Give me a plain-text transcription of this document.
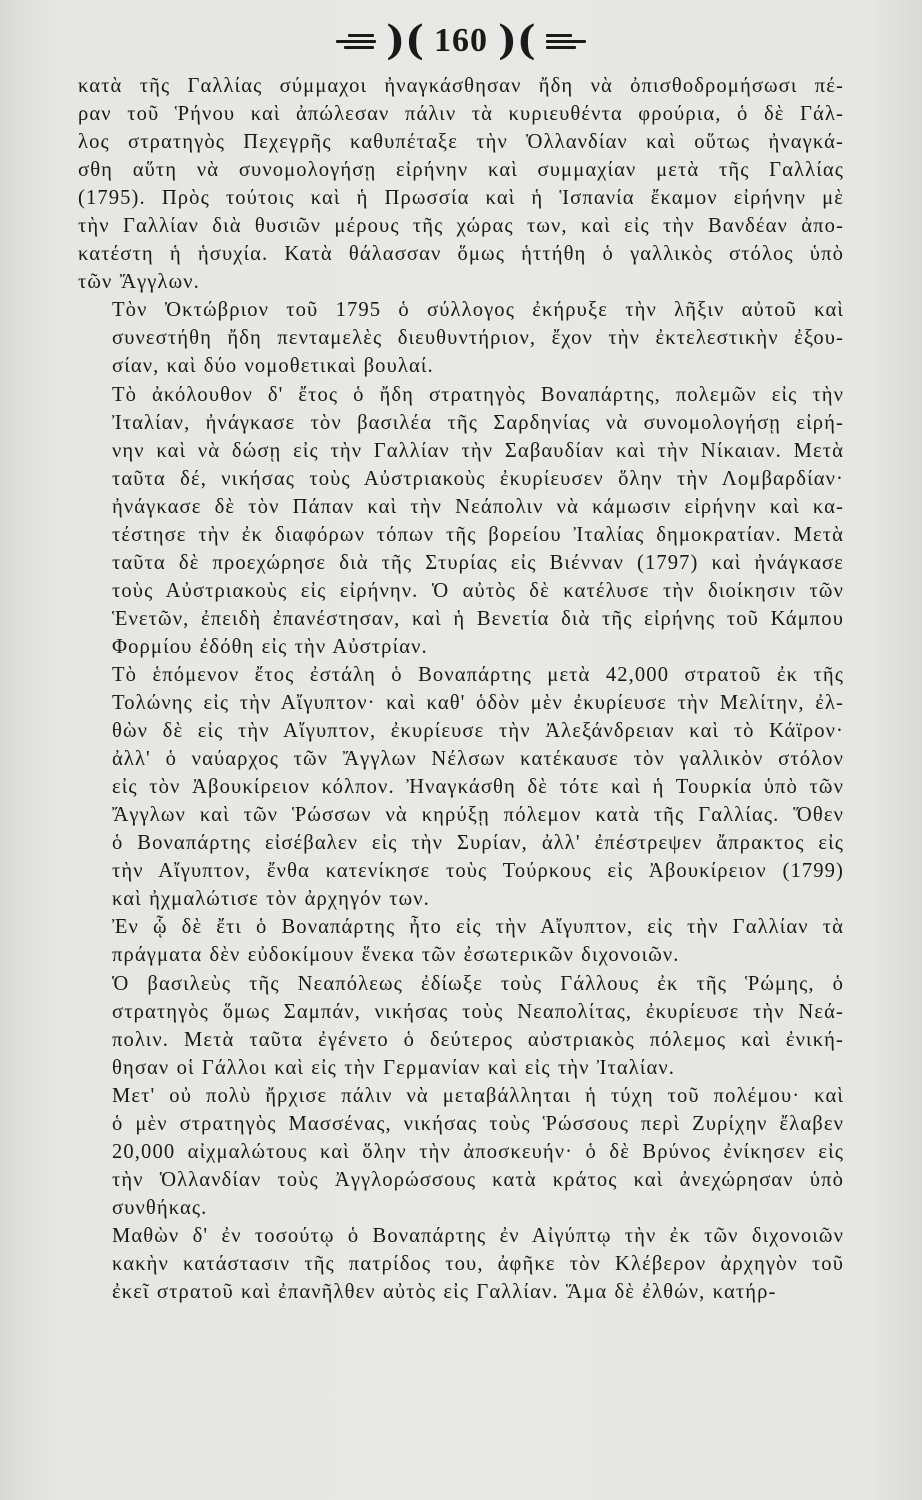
)( 160 )(

κατὰ τῆς Γαλλίας σύμμαχοι ἠναγκάσθησαν ἤδη νὰ ὀπισθοδρομήσωσι πέ-
ραν τοῦ Ῥήνου καὶ ἀπώλεσαν πάλιν τὰ κυριευθέντα φρούρια, ὁ δὲ Γάλ-
λος στρατηγὸς Πεχεγρῆς καθυπέταξε τὴν Ὁλλανδίαν καὶ οὕτως ἠναγκά-
σθη αὕτη νὰ συνομολογήσῃ εἰρήνην καὶ συμμαχίαν μετὰ τῆς Γαλλίας
(1795). Πρὸς τούτοις καὶ ἡ Πρωσσία καὶ ἡ Ἱσπανία ἔκαμον εἰρήνην μὲ
τὴν Γαλλίαν διὰ θυσιῶν μέρους τῆς χώρας των, καὶ εἰς τὴν Βανδέαν ἀπο-
κατέστη ἡ ἡσυχία. Κατὰ θάλασσαν ὅμως ἡττήθη ὁ γαλλικὸς στόλος ὑπὸ
τῶν Ἄγγλων.

Τὸν Ὀκτώβριον τοῦ 1795 ὁ σύλλογος ἐκήρυξε τὴν λῆξιν αὐτοῦ καὶ
συνεστήθη ἤδη πενταμελὲς διευθυντήριον, ἔχον τὴν ἐκτελεστικὴν ἐξου-
σίαν, καὶ δύο νομοθετικαὶ βουλαί.

Τὸ ἀκόλουθον δ' ἔτος ὁ ἤδη στρατηγὸς Βοναπάρτης, πολεμῶν εἰς τὴν
Ἰταλίαν, ἠνάγκασε τὸν βασιλέα τῆς Σαρδηνίας νὰ συνομολογήσῃ εἰρή-
νην καὶ νὰ δώσῃ εἰς τὴν Γαλλίαν τὴν Σαβαυδίαν καὶ τὴν Νίκαιαν. Μετὰ
ταῦτα δέ, νικήσας τοὺς Αὐστριακοὺς ἐκυρίευσεν ὅλην τὴν Λομβαρδίαν·
ἠνάγκασε δὲ τὸν Πάπαν καὶ τὴν Νεάπολιν νὰ κάμωσιν εἰρήνην καὶ κα-
τέστησε τὴν ἐκ διαφόρων τόπων τῆς βορείου Ἰταλίας δημοκρατίαν. Μετὰ
ταῦτα δὲ προεχώρησε διὰ τῆς Στυρίας εἰς Βιένναν (1797) καὶ ἠνάγκασε
τοὺς Αὐστριακοὺς εἰς εἰρήνην. Ὁ αὐτὸς δὲ κατέλυσε τὴν διοίκησιν τῶν
Ἑνετῶν, ἐπειδὴ ἐπανέστησαν, καὶ ἡ Βενετία διὰ τῆς εἰρήνης τοῦ Κάμπου
Φορμίου ἐδόθη εἰς τὴν Αὐστρίαν.

Τὸ ἑπόμενον ἔτος ἐστάλη ὁ Βοναπάρτης μετὰ 42,000 στρατοῦ ἐκ τῆς
Τολώνης εἰς τὴν Αἴγυπτον· καὶ καθ' ὁδὸν μὲν ἐκυρίευσε τὴν Μελίτην, ἐλ-
θὼν δὲ εἰς τὴν Αἴγυπτον, ἐκυρίευσε τὴν Ἀλεξάνδρειαν καὶ τὸ Κάϊρον·
ἀλλ' ὁ ναύαρχος τῶν Ἄγγλων Νέλσων κατέκαυσε τὸν γαλλικὸν στόλον
εἰς τὸν Ἀβουκίρειον κόλπον. Ἠναγκάσθη δὲ τότε καὶ ἡ Τουρκία ὑπὸ τῶν
Ἄγγλων καὶ τῶν Ῥώσσων νὰ κηρύξῃ πόλεμον κατὰ τῆς Γαλλίας. Ὅθεν
ὁ Βοναπάρτης εἰσέβαλεν εἰς τὴν Συρίαν, ἀλλ' ἐπέστρεψεν ἄπρακτος εἰς
τὴν Αἴγυπτον, ἔνθα κατενίκησε τοὺς Τούρκους εἰς Ἀβουκίρειον (1799)
καὶ ἠχμαλώτισε τὸν ἀρχηγόν των.

Ἐν ᾧ δὲ ἔτι ὁ Βοναπάρτης ἦτο εἰς τὴν Αἴγυπτον, εἰς τὴν Γαλλίαν τὰ
πράγματα δὲν εὐδοκίμουν ἕνεκα τῶν ἐσωτερικῶν διχονοιῶν.

Ὁ βασιλεὺς τῆς Νεαπόλεως ἐδίωξε τοὺς Γάλλους ἐκ τῆς Ῥώμης, ὁ
στρατηγὸς ὅμως Σαμπάν, νικήσας τοὺς Νεαπολίτας, ἐκυρίευσε τὴν Νεά-
πολιν. Μετὰ ταῦτα ἐγένετο ὁ δεύτερος αὐστριακὸς πόλεμος καὶ ἐνική-
θησαν οἱ Γάλλοι καὶ εἰς τὴν Γερμανίαν καὶ εἰς τὴν Ἰταλίαν.

Μετ' οὐ πολὺ ἤρχισε πάλιν νὰ μεταβάλληται ἡ τύχη τοῦ πολέμου· καὶ
ὁ μὲν στρατηγὸς Μασσένας, νικήσας τοὺς Ῥώσσους περὶ Ζυρίχην ἔλαβεν
20,000 αἰχμαλώτους καὶ ὅλην τὴν ἀποσκευήν· ὁ δὲ Βρύνος ἐνίκησεν εἰς
τὴν Ὁλλανδίαν τοὺς Ἀγγλορώσσους κατὰ κράτος καὶ ἀνεχώρησαν ὑπὸ
συνθήκας.

Μαθὼν δ' ἐν τοσούτῳ ὁ Βοναπάρτης ἐν Αἰγύπτῳ τὴν ἐκ τῶν διχονοιῶν
κακὴν κατάστασιν τῆς πατρίδος του, ἀφῆκε τὸν Κλέβερον ἀρχηγὸν τοῦ
ἐκεῖ στρατοῦ καὶ ἐπανῆλθεν αὐτὸς εἰς Γαλλίαν. Ἅμα δὲ ἐλθών, κατήρ-
